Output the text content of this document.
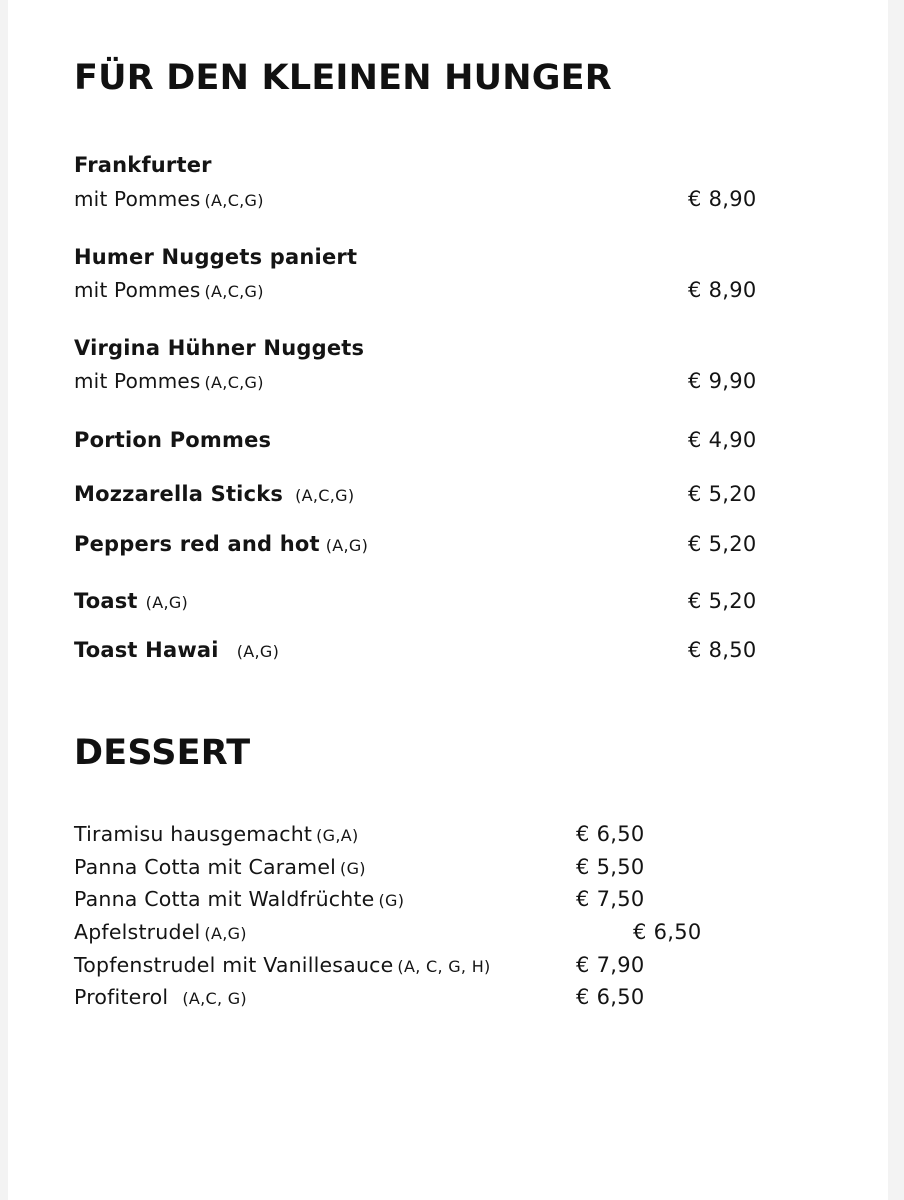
FÜR DEN KLEINEN HUNGER
Frankfurter
mit Pommes (A,C,G)	€ 8,90
Humer Nuggets paniert
mit Pommes (A,C,G)	€ 8,90
Virgina Hühner Nuggets
mit Pommes (A,C,G)	€ 9,90
Portion Pommes	€ 4,90
Mozzarella Sticks (A,C,G)	€ 5,20
Peppers red and hot (A,G)	€ 5,20
Toast (A,G)	€ 5,20
Toast Hawai (A,G)	€ 8,50
DESSERT
Tiramisu hausgemacht (G,A)	€ 6,50
Panna Cotta mit Caramel (G)	€ 5,50
Panna Cotta mit Waldfrüchte (G)	€ 7,50
Apfelstrudel (A,G)	€ 6,50
Topfenstrudel mit Vanillesauce (A, C, G, H)	€ 7,90
Profiterol (A,C, G)	€ 6,50
